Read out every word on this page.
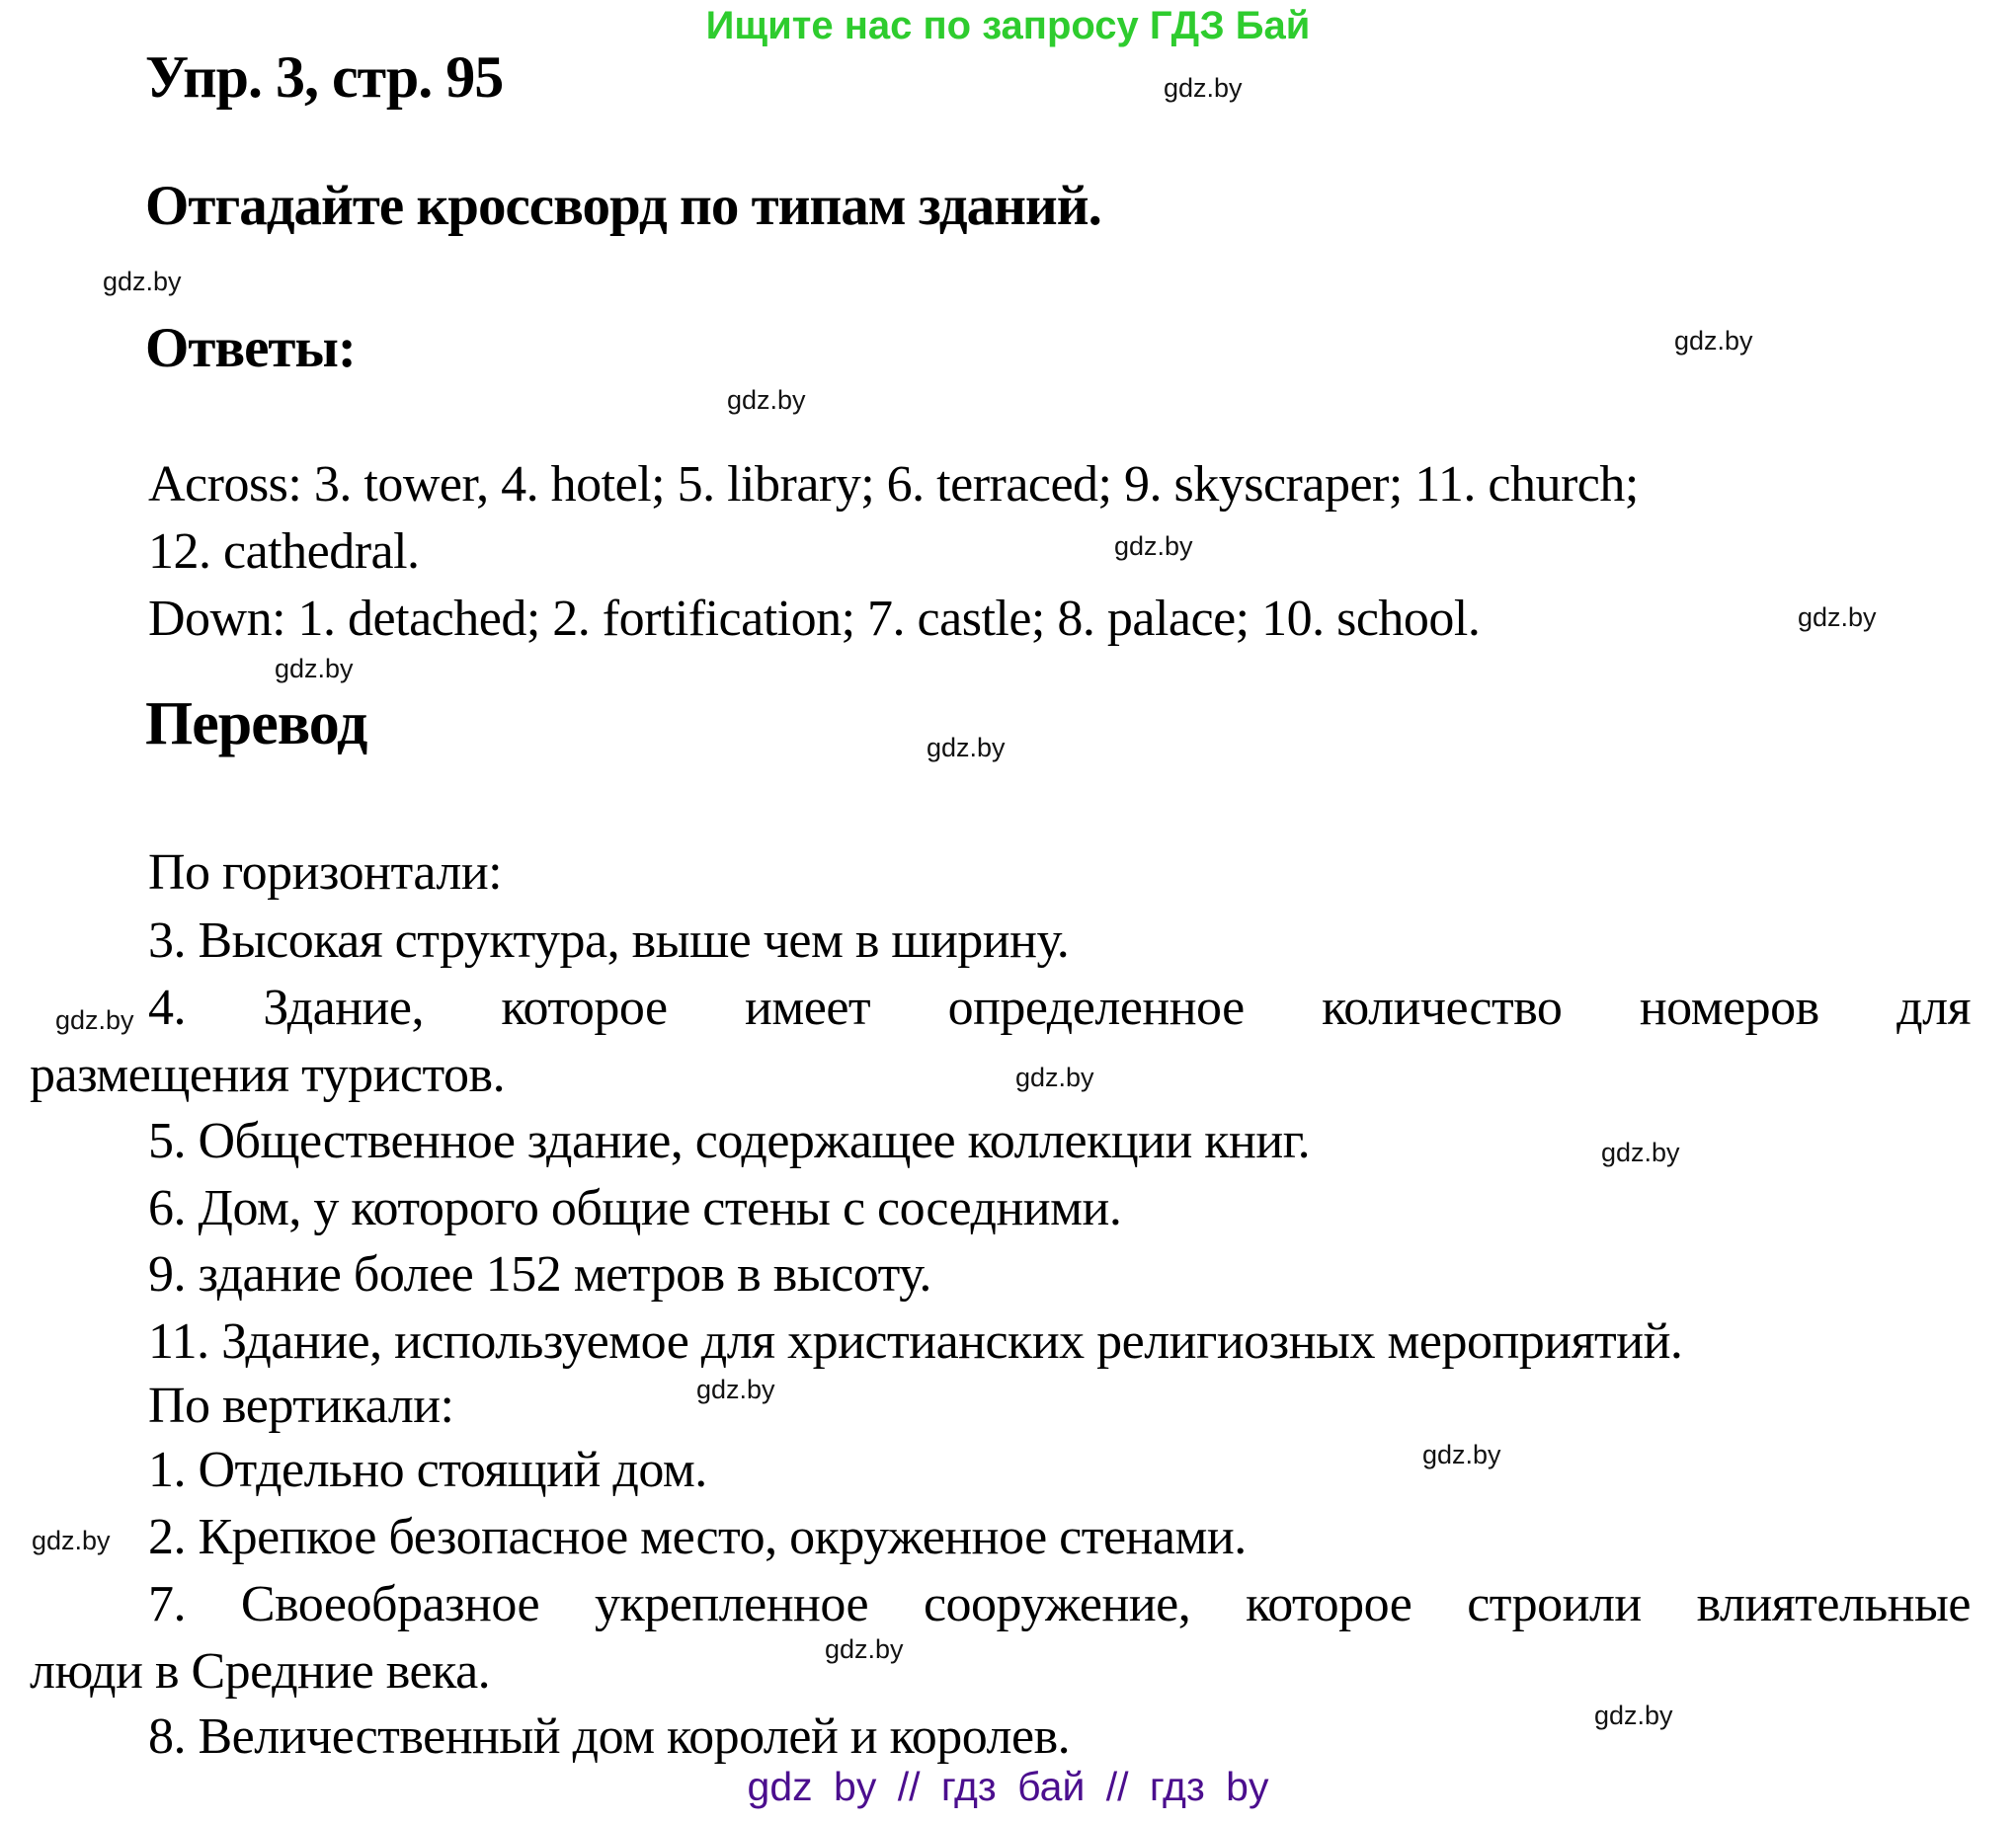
Ищите нас по запросу ГДЗ Бай
gdz.by
Упр. 3, стр. 95
Отгадайте кроссворд по типам зданий.
gdz.by
Ответы:	gdz.by
gdz.by
Across: 3. tower, 4. hotel; 5. library; 6. terraced; 9. skyscraper; 11. church;
12. cathedral.	gdz.by
Down: 1. detached; 2. fortification; 7. castle; 8. palace; 10. school.	gdz.by
gdz.by
Перевод	gdz.by
По горизонтали:
3. Высокая структура, выше чем в ширину.
4. Здание, которое имеет определенное количество номеров для
gdz.by
размещения туристов.	gdz.by
5. Общественное здание, содержащее коллекции книг.	gdz.by
6. Дом, у которого общие стены с соседними.
9. здание более 152 метров в высоту.
11. Здание, используемое для христианских религиозных мероприятий.
gdz.by
По вертикали:
gdz.by
1. Отдельно стоящий дом.
2. Крепкое безопасное место, окруженное стенами.
gdz.by
7. Своеобразное укрепленное сооружение, которое строили влиятельные
gdz.by
люди в Средние века.
gdz.by
8. Величественный дом королей и королев.
gdz by // гдз бай // гдз by
